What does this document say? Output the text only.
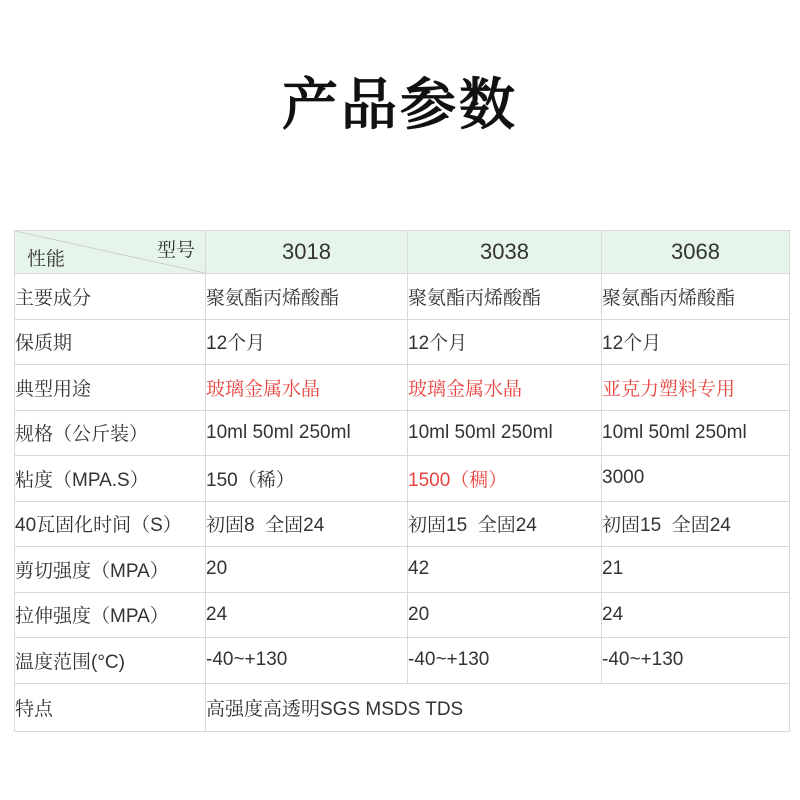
产品参数
型号
性能	3018	3038	3068
主要成分	聚氨酯丙烯酸酯	聚氨酯丙烯酸酯	聚氨酯丙烯酸酯
保质期	12个月	12个月	12个月
典型用途	玻璃金属水晶	玻璃金属水晶	亚克力塑料专用
规格（公斤装）	10ml 50ml 250ml	10ml 50ml 250ml	10ml 50ml 250ml
粘度（MPA.S）	150（稀）	1500（稠）	3000
40瓦固化时间（S）	初固8  全固24	初固15  全固24	初固15  全固24
剪切强度（MPA）	20	42	21
拉伸强度（MPA）	24	20	24
温度范围(°C)	-40~+130	-40~+130	-40~+130
特点	高强度高透明SGS MSDS TDS		
